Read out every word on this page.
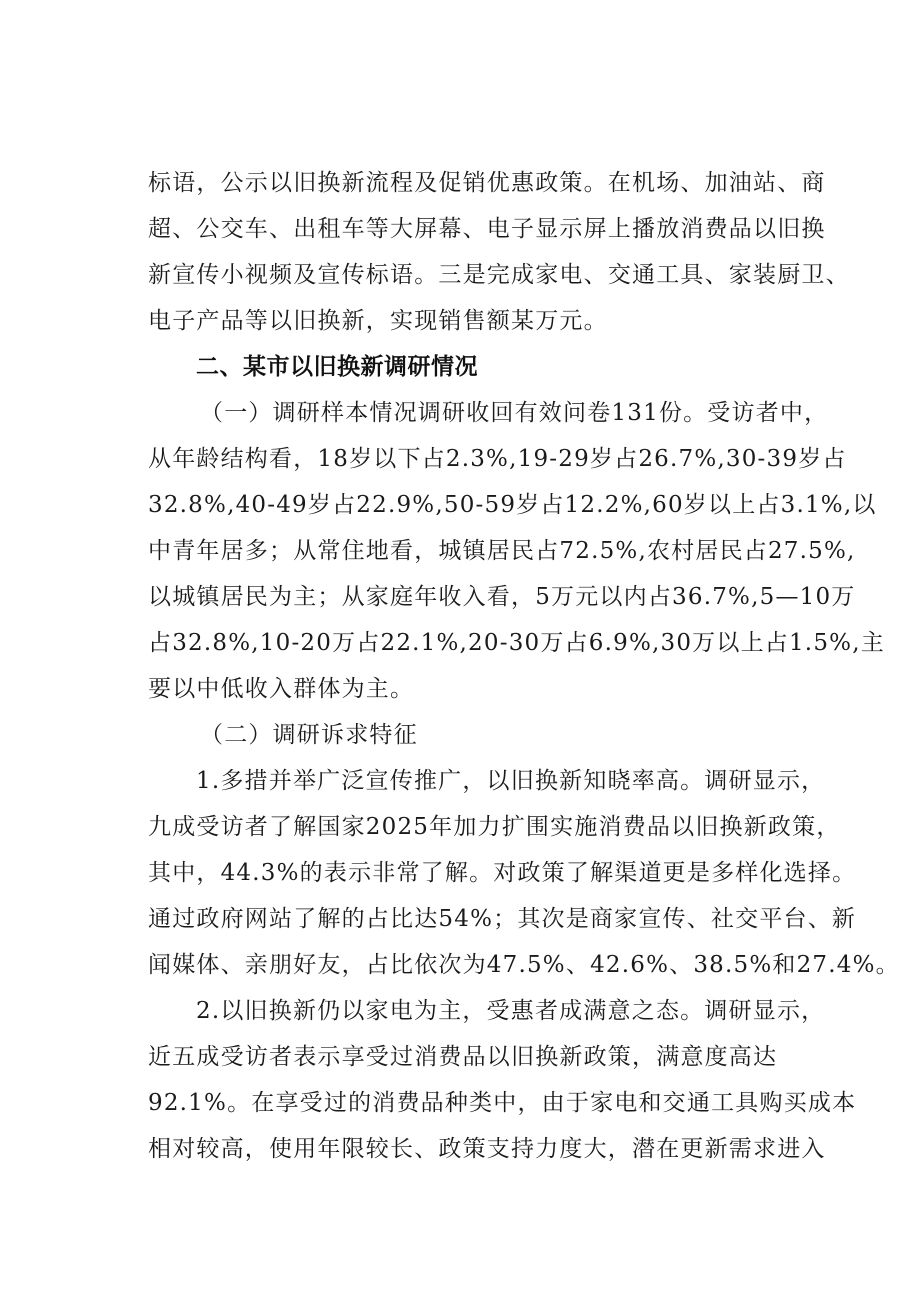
标语，公示以旧换新流程及促销优惠政策。在机场、加油站、商
超、公交车、出租车等大屏幕、电子显示屏上播放消费品以旧换
新宣传小视频及宣传标语。三是完成家电、交通工具、家装厨卫、
电子产品等以旧换新，实现销售额某万元。
二、某市以旧换新调研情况
（一）调研样本情况调研收回有效问卷131份。受访者中，
从年龄结构看，18岁以下占2.3%,19-29岁占26.7%,30-39岁占
32.8%,40-49岁占22.9%,50-59岁占12.2%,60岁以上占3.1%,以
中青年居多；从常住地看，城镇居民占72.5%,农村居民占27.5%,
以城镇居民为主；从家庭年收入看，5万元以内占36.7%,5—10万
占32.8%,10-20万占22.1%,20-30万占6.9%,30万以上占1.5%,主
要以中低收入群体为主。
（二）调研诉求特征
1.多措并举广泛宣传推广，以旧换新知晓率高。调研显示，
九成受访者了解国家2025年加力扩围实施消费品以旧换新政策，
其中，44.3%的表示非常了解。对政策了解渠道更是多样化选择。
通过政府网站了解的占比达54%；其次是商家宣传、社交平台、新
闻媒体、亲朋好友，占比依次为47.5%、42.6%、38.5%和27.4%。
2.以旧换新仍以家电为主，受惠者成满意之态。调研显示，
近五成受访者表示享受过消费品以旧换新政策，满意度高达
92.1%。在享受过的消费品种类中，由于家电和交通工具购买成本
相对较高，使用年限较长、政策支持力度大，潜在更新需求进入
